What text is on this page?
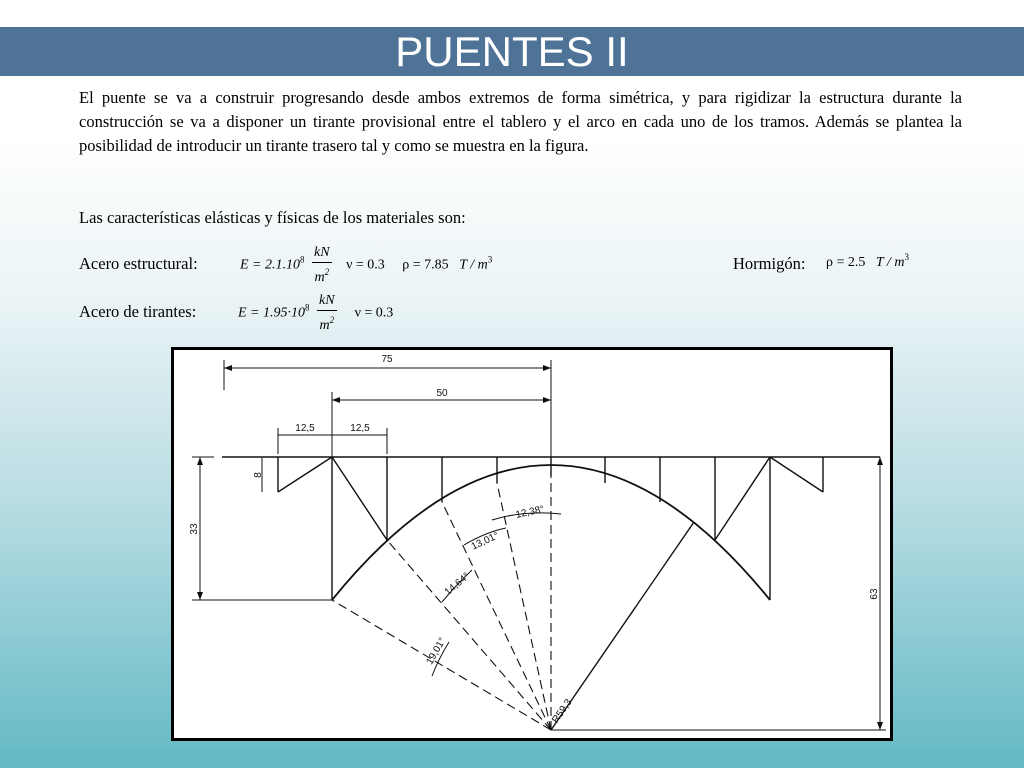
PUENTES II
El puente se va a construir progresando desde ambos extremos de forma simétrica, y para rigidizar la estructura durante la construcción se va a disponer un tirante provisional entre el tablero y el arco en cada uno de los tramos. Además se plantea la posibilidad de introducir un tirante trasero tal y como se muestra en la figura.
Las características elásticas y físicas de los materiales son:
Acero estructural:	$E = 2.1.10^8 \frac{kN}{m^2}$ ν = 0.3 ρ = 7.85 T / $m^3$	Hormigón: ρ = 2.5 T / $m^3$
Acero de tirantes:	$E = 1.95\cdot 10^8 \frac{kN}{m^2}$ ν = 0.3
75
50
12,5	12,5
8
33
63
12,38°
13,01°
14,64°
19,01°
R59,3
